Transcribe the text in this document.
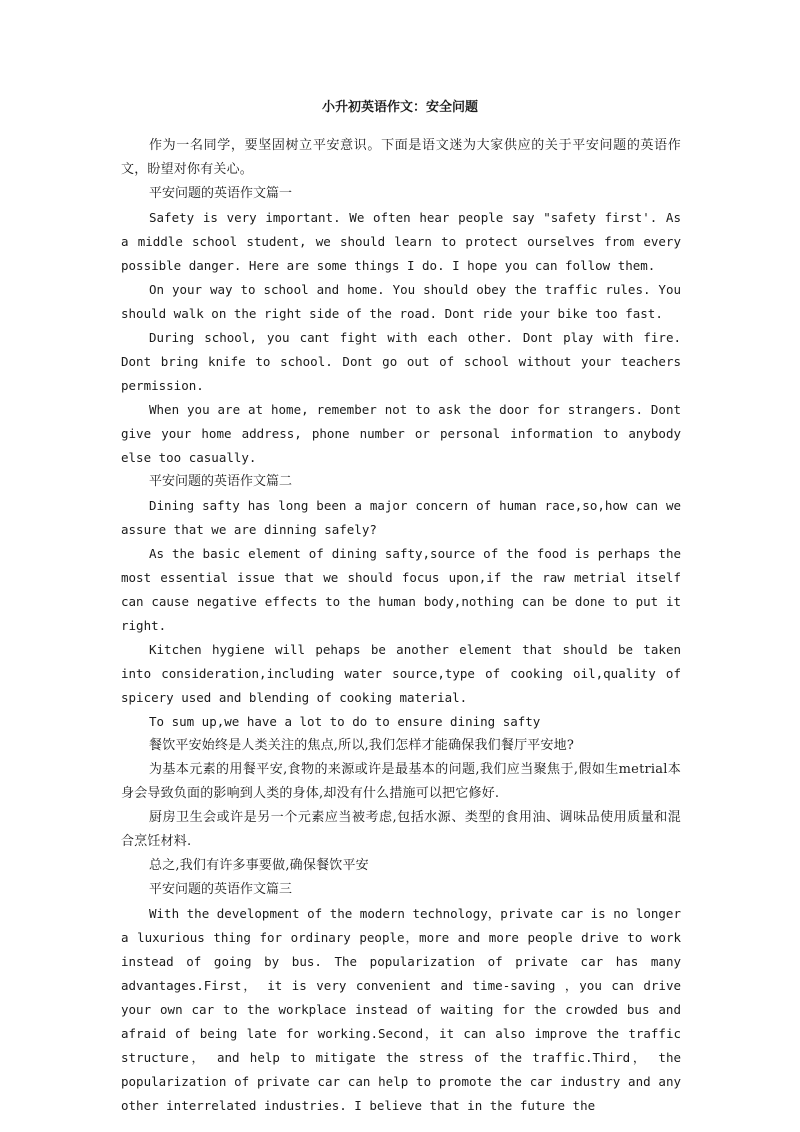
小升初英语作文：安全问题

作为一名同学，要坚固树立平安意识。下面是语文迷为大家供应的关于平安问题的英语作文，盼望对你有关心。

平安问题的英语作文篇一

Safety is very important. We often hear people say "safety first'. As a middle school student, we should learn to protect ourselves from every possible danger. Here are some things I do. I hope you can follow them.

On your way to school and home. You should obey the traffic rules. You should walk on the right side of the road. Dont ride your bike too fast.

During school, you cant fight with each other. Dont play with fire. Dont bring knife to school. Dont go out of school without your teachers permission.

When you are at home, remember not to ask the door for strangers. Dont give your home address, phone number or personal information to anybody else too casually.

平安问题的英语作文篇二

Dining safty has long been a major concern of human race,so,how can we assure that we are dinning safely?

As the basic element of dining safty,source of the food is perhaps the most essential issue that we should focus upon,if the raw metrial itself can cause negative effects to the human body,nothing can be done to put it right.

Kitchen hygiene will pehaps be another element that should be taken into consideration,including water source,type of cooking oil,quality of spicery used and blending of cooking material.

To sum up,we have a lot to do to ensure dining safty

餐饮平安始终是人类关注的焦点,所以,我们怎样才能确保我们餐厅平安地?

为基本元素的用餐平安,食物的来源或许是最基本的问题,我们应当聚焦于,假如生metrial本身会导致负面的影响到人类的身体,却没有什么措施可以把它修好.

厨房卫生会或许是另一个元素应当被考虑,包括水源、类型的食用油、调味品使用质量和混合烹饪材料.

总之,我们有许多事要做,确保餐饮平安

平安问题的英语作文篇三

With the development of the modern technology，private car is no longer a luxurious thing for ordinary people，more and more people drive to work instead of going by bus. The popularization of private car has many advantages.First， it is very convenient and time-saving ，you can drive your own car to the workplace instead of waiting for the crowded bus and afraid of being late for working.Second，it can also improve the traffic structure， and help to mitigate the stress of the traffic.Third， the popularization of private car can help to promote the car industry and any other interrelated industries. I believe that in the future the
